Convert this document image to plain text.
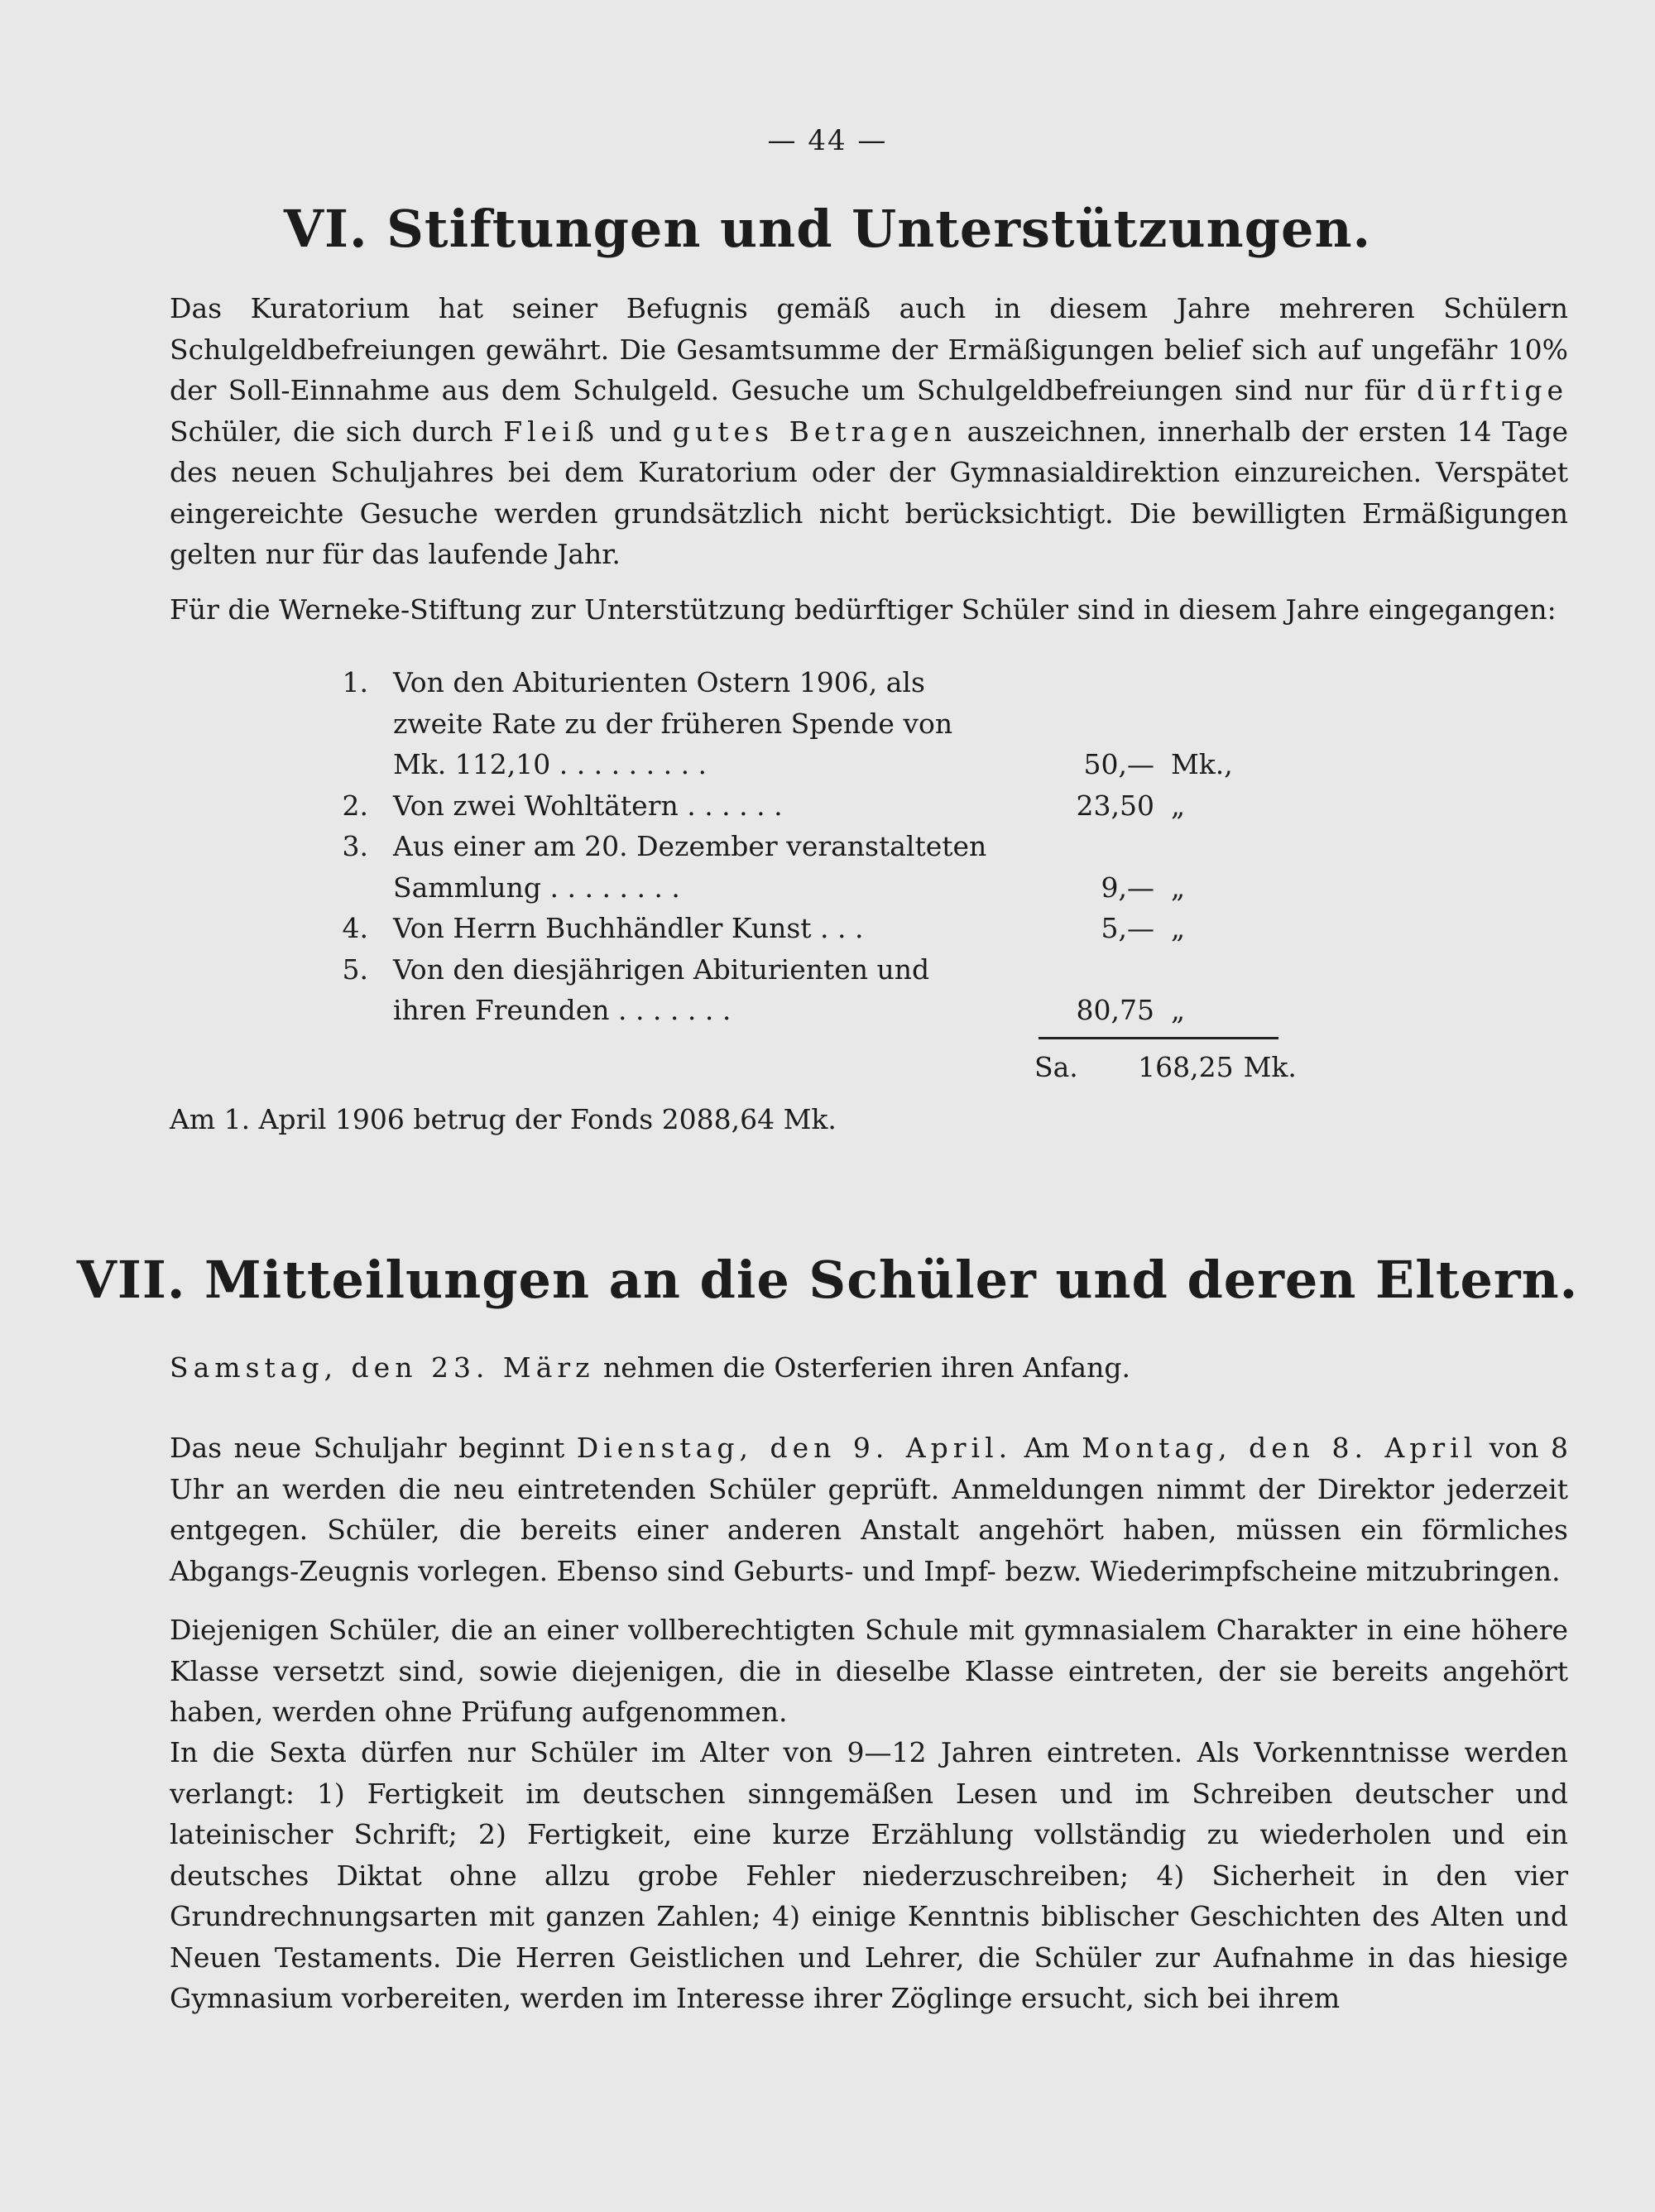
— 44 —
VI. Stiftungen und Unterstützungen.
Das Kuratorium hat seiner Befugnis gemäß auch in diesem Jahre mehreren Schülern Schulgeldbefreiungen gewährt. Die Gesamtsumme der Ermäßigungen belief sich auf ungefähr 10% der Soll-Einnahme aus dem Schulgeld. Gesuche um Schulgeldbefreiungen sind nur für dürftige Schüler, die sich durch Fleiß und gutes Betragen auszeichnen, innerhalb der ersten 14 Tage des neuen Schuljahres bei dem Kuratorium oder der Gymnasialdirektion einzureichen. Verspätet eingereichte Gesuche werden grundsätzlich nicht berücksichtigt. Die bewilligten Ermäßigungen gelten nur für das laufende Jahr.
Für die Werneke-Stiftung zur Unterstützung bedürftiger Schüler sind in diesem Jahre eingegangen:
1. Von den Abiturienten Ostern 1906, als
zweite Rate zu der früheren Spende von
Mk. 112,10 . . . . . . . . .	50,— Mk.,
2. Von zwei Wohltätern . . . . . .	23,50 „
3. Aus einer am 20. Dezember veranstalteten
Sammlung . . . . . . . .	9,— „
4. Von Herrn Buchhändler Kunst . . .	5,— „
5. Von den diesjährigen Abiturienten und
ihren Freunden . . . . . . .	80,75 „
Sa.	168,25 Mk.
Am 1. April 1906 betrug der Fonds 2088,64 Mk.
VII. Mitteilungen an die Schüler und deren Eltern.
Samstag, den 23. März nehmen die Osterferien ihren Anfang.
Das neue Schuljahr beginnt Dienstag, den 9. April. Am Montag, den 8. April von 8 Uhr an werden die neu eintretenden Schüler geprüft. Anmeldungen nimmt der Direktor jederzeit entgegen. Schüler, die bereits einer anderen Anstalt angehört haben, müssen ein förmliches Abgangs-Zeugnis vorlegen. Ebenso sind Geburts- und Impf- bezw. Wiederimpfscheine mitzubringen.
Diejenigen Schüler, die an einer vollberechtigten Schule mit gymnasialem Charakter in eine höhere Klasse versetzt sind, sowie diejenigen, die in dieselbe Klasse eintreten, der sie bereits angehört haben, werden ohne Prüfung aufgenommen.
In die Sexta dürfen nur Schüler im Alter von 9—12 Jahren eintreten. Als Vorkenntnisse werden verlangt: 1) Fertigkeit im deutschen sinngemäßen Lesen und im Schreiben deutscher und lateinischer Schrift; 2) Fertigkeit, eine kurze Erzählung vollständig zu wiederholen und ein deutsches Diktat ohne allzu grobe Fehler niederzuschreiben; 4) Sicherheit in den vier Grundrechnungsarten mit ganzen Zahlen; 4) einige Kenntnis biblischer Geschichten des Alten und Neuen Testaments. Die Herren Geistlichen und Lehrer, die Schüler zur Aufnahme in das hiesige Gymnasium vorbereiten, werden im Interesse ihrer Zöglinge ersucht, sich bei ihrem
